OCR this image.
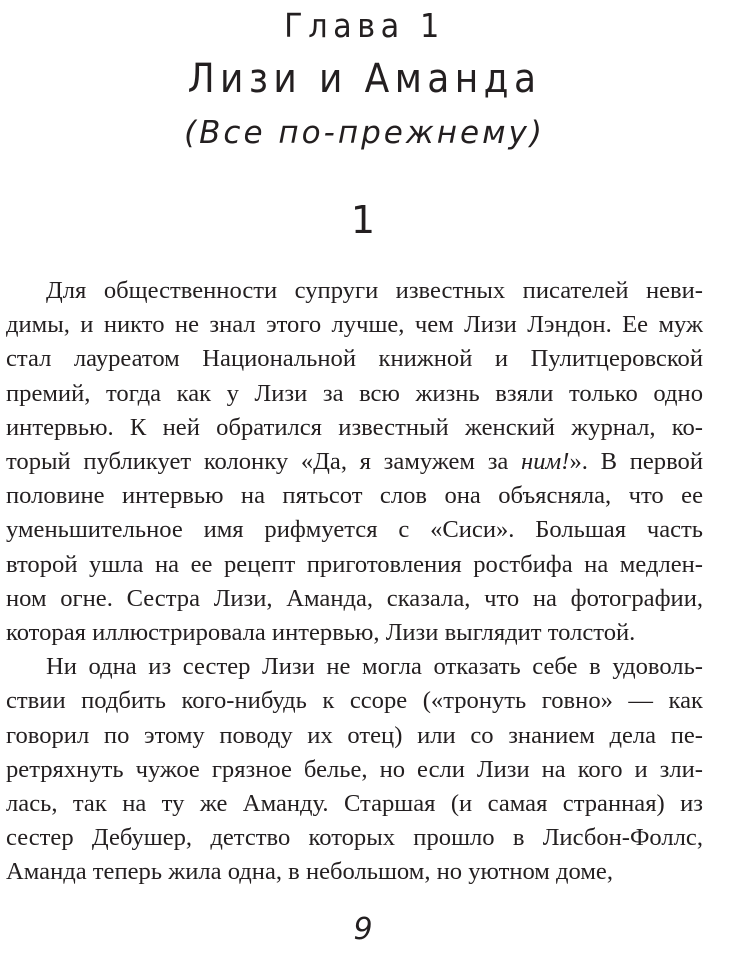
Глава 1
Лизи и Аманда
(Все по-прежнему)
1
Для общественности супруги известных писателей неви-
димы, и никто не знал этого лучше, чем Лизи Лэндон. Ее муж
стал лауреатом Национальной книжной и Пулитцеровской
премий, тогда как у Лизи за всю жизнь взяли только одно
интервью. К ней обратился известный женский журнал, ко-
торый публикует колонку «Да, я замужем за ним!». В первой
половине интервью на пятьсот слов она объясняла, что ее
уменьшительное имя рифмуется с «Сиси». Большая часть
второй ушла на ее рецепт приготовления ростбифа на медлен-
ном огне. Сестра Лизи, Аманда, сказала, что на фотографии,
которая иллюстрировала интервью, Лизи выглядит толстой.
Ни одна из сестер Лизи не могла отказать себе в удоволь-
ствии подбить кого-нибудь к ссоре («тронуть говно» — как
говорил по этому поводу их отец) или со знанием дела пе-
ретряхнуть чужое грязное белье, но если Лизи на кого и зли-
лась, так на ту же Аманду. Старшая (и самая странная) из
сестер Дебушер, детство которых прошло в Лисбон-Фоллс,
Аманда теперь жила одна, в небольшом, но уютном доме,
9
